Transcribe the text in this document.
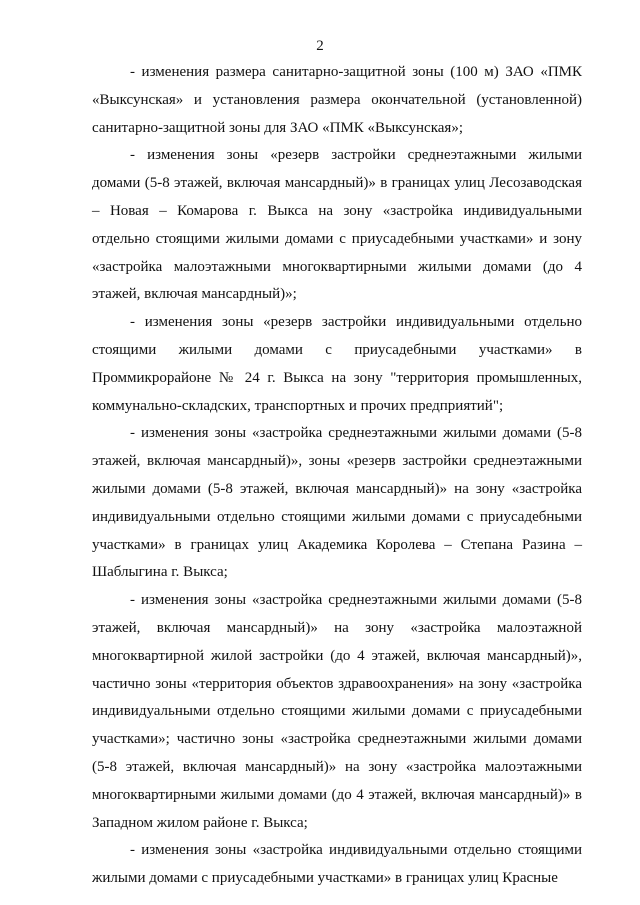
2

- изменения размера санитарно-защитной зоны (100 м) ЗАО «ПМК «Выксунская» и установления размера окончательной (установленной) санитарно-защитной зоны для ЗАО «ПМК «Выксунская»;

- изменения зоны «резерв застройки среднеэтажными жилыми домами (5-8 этажей, включая мансардный)» в границах улиц Лесозаводская – Новая – Комарова г. Выкса на зону «застройка индивидуальными отдельно стоящими жилыми домами с приусадебными участками» и зону «застройка малоэтажными многоквартирными жилыми домами (до 4 этажей, включая мансардный)»;

- изменения зоны «резерв застройки индивидуальными отдельно стоящими жилыми домами с приусадебными участками» в Проммикрорайоне № 24 г. Выкса на зону "территория промышленных, коммунально-складских, транспортных и прочих предприятий";

- изменения зоны «застройка среднеэтажными жилыми домами (5-8 этажей, включая мансардный)», зоны «резерв застройки среднеэтажными жилыми домами (5-8 этажей, включая мансардный)» на зону «застройка индивидуальными отдельно стоящими жилыми домами с приусадебными участками» в границах улиц Академика Королева – Степана Разина – Шаблыгина г. Выкса;

- изменения зоны «застройка среднеэтажными жилыми домами (5-8 этажей, включая мансардный)» на зону «застройка малоэтажной многоквартирной жилой застройки (до 4 этажей, включая мансардный)», частично зоны «территория объектов здравоохранения» на зону «застройка индивидуальными отдельно стоящими жилыми домами с приусадебными участками»; частично зоны «застройка среднеэтажными жилыми домами (5-8 этажей, включая мансардный)» на зону «застройка малоэтажными многоквартирными жилыми домами (до 4 этажей, включая мансардный)» в Западном жилом районе г. Выкса;

- изменения зоны «застройка индивидуальными отдельно стоящими жилыми домами с приусадебными участками» в границах улиц Красные
